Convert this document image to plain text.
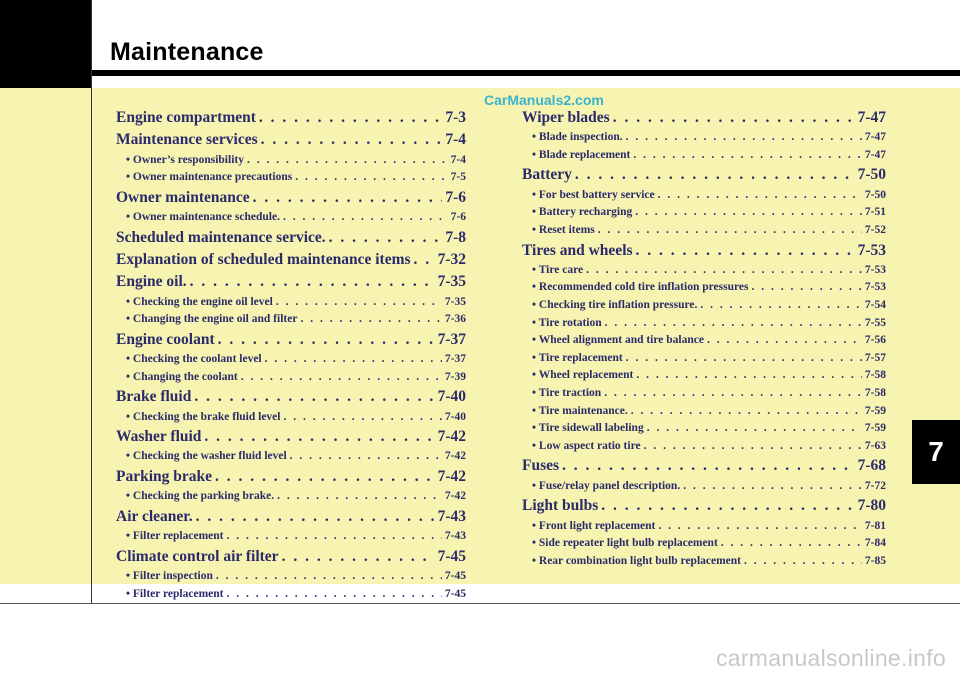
Maintenance
CarManuals2.com
Engine compartment . . .	7-3
Maintenance services . . .	7-4
• Owner’s responsibility . . .	7-4
• Owner maintenance precautions . . .	7-5
Owner maintenance . . .	7-6
• Owner maintenance schedule. . . .	7-6
Scheduled maintenance service. . . .	7-8
Explanation of scheduled maintenance items . . . 7-32
Engine oil. . . .	7-35
• Checking the engine oil level . . .	7-35
• Changing the engine oil and filter . . .	7-36
Engine coolant . . .	7-37
• Checking the coolant level . . .	7-37
• Changing the coolant . . .	7-39
Brake fluid . . .	7-40
• Checking the brake fluid level . . .	7-40
Washer fluid . . .	7-42
• Checking the washer fluid level . . .	7-42
Parking brake . . .	7-42
• Checking the parking brake. . . .	7-42
Air cleaner. . . .	7-43
• Filter replacement . . .	7-43
Climate control air filter . . .	7-45
• Filter inspection . . .	7-45
• Filter replacement . . .	7-45
Wiper blades . . .	7-47
• Blade inspection. . . .	7-47
• Blade replacement . . .	7-47
Battery . . .	7-50
• For best battery service . . .	7-50
• Battery recharging . . .	7-51
• Reset items . . .	7-52
Tires and wheels . . .	7-53
• Tire care . . .	7-53
• Recommended cold tire inflation pressures . . .	7-53
• Checking tire inflation pressure. . . .	7-54
• Tire rotation . . .	7-55
• Wheel alignment and tire balance . . .	7-56
• Tire replacement . . .	7-57
• Wheel replacement . . .	7-58
• Tire traction . . .	7-58
• Tire maintenance. . . .	7-59
• Tire sidewall labeling . . .	7-59
• Low aspect ratio tire . . .	7-63
Fuses . . .	7-68
• Fuse/relay panel description. . . .	7-72
Light bulbs . . .	7-80
• Front light replacement . . .	7-81
• Side repeater light bulb replacement . . .	7-84
• Rear combination light bulb replacement . . .	7-85
7
carmanualsonline.info
